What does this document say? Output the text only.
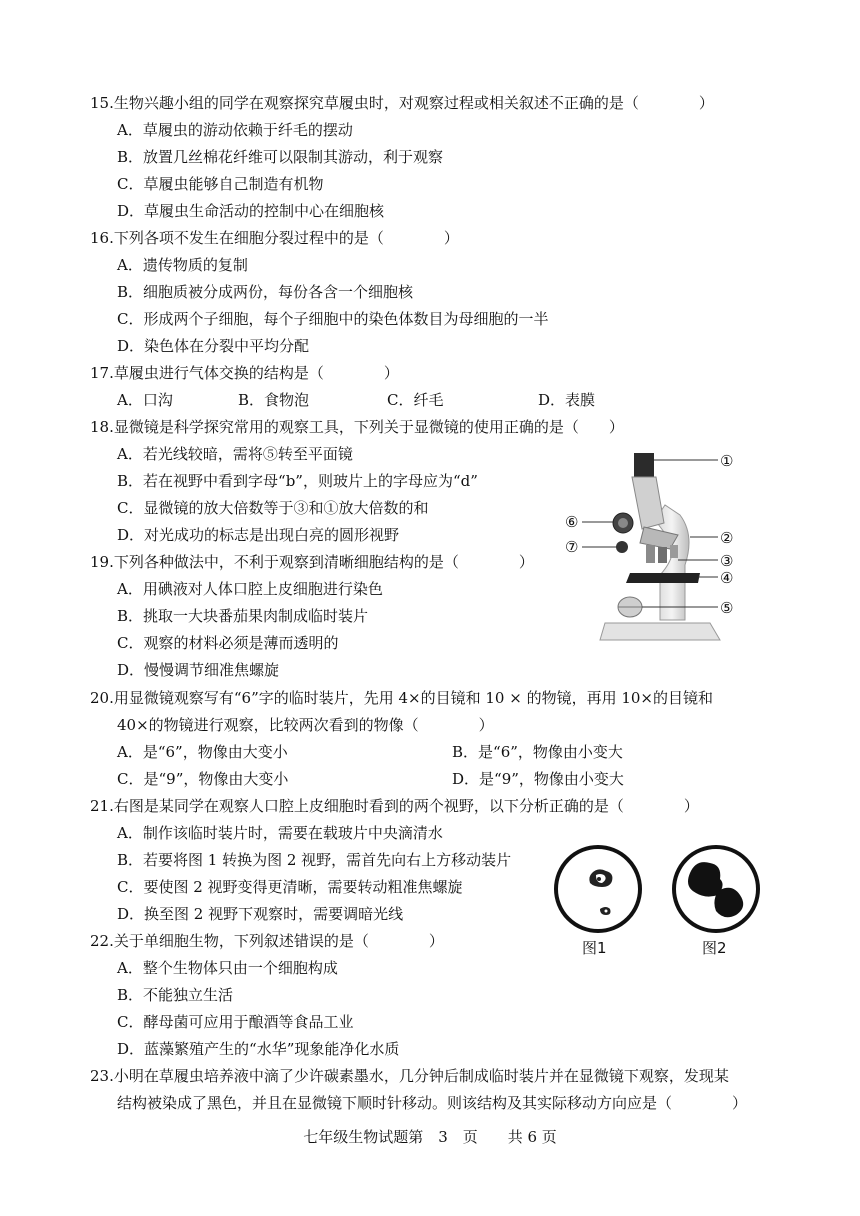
15.生物兴趣小组的同学在观察探究草履虫时，对观察过程或相关叙述不正确的是（　　　　）
A．草履虫的游动依赖于纤毛的摆动
B．放置几丝棉花纤维可以限制其游动，利于观察
C．草履虫能够自己制造有机物
D．草履虫生命活动的控制中心在细胞核
16.下列各项不发生在细胞分裂过程中的是（　　　　）
A．遗传物质的复制
B．细胞质被分成两份，每份各含一个细胞核
C．形成两个子细胞，每个子细胞中的染色体数目为母细胞的一半
D．染色体在分裂中平均分配
17.草履虫进行气体交换的结构是（　　　　）
A．口沟	B．食物泡	C．纤毛	D．表膜
18.显微镜是科学探究常用的观察工具，下列关于显微镜的使用正确的是（　　）
A．若光线较暗，需将⑤转至平面镜
B．若在视野中看到字母“b”，则玻片上的字母应为“d”
C．显微镜的放大倍数等于③和①放大倍数的和
D．对光成功的标志是出现白亮的圆形视野
19.下列各种做法中，不利于观察到清晰细胞结构的是（　　　　）
A．用碘液对人体口腔上皮细胞进行染色
B．挑取一大块番茄果肉制成临时装片
C．观察的材料必须是薄而透明的
D．慢慢调节细准焦螺旋
20.用显微镜观察写有“6”字的临时装片，先用 4×的目镜和 10 × 的物镜，再用 10×的目镜和
40×的物镜进行观察，比较两次看到的物像（　　　　）
A．是“6”，物像由大变小	B．是“6”，物像由小变大
C．是“9”，物像由大变小	D．是“9”，物像由小变大
21.右图是某同学在观察人口腔上皮细胞时看到的两个视野，以下分析正确的是（　　　　）
A．制作该临时装片时，需要在载玻片中央滴清水
B．若要将图 1 转换为图 2 视野，需首先向右上方移动装片
C．要使图 2 视野变得更清晰，需要转动粗准焦螺旋
D．换至图 2 视野下观察时，需要调暗光线
22.关于单细胞生物，下列叙述错误的是（　　　　）
A．整个生物体只由一个细胞构成
B．不能独立生活
C．酵母菌可应用于酿酒等食品工业
D．蓝藻繁殖产生的“水华”现象能净化水质
23.小明在草履虫培养液中滴了少许碳素墨水，几分钟后制成临时装片并在显微镜下观察，发现某
结构被染成了黑色，并且在显微镜下顺时针移动。则该结构及其实际移动方向应是（　　　　）
①
②
③
④
⑤
⑥
⑦
图1	图2
七年级生物试题第　3　页　　共 6 页
